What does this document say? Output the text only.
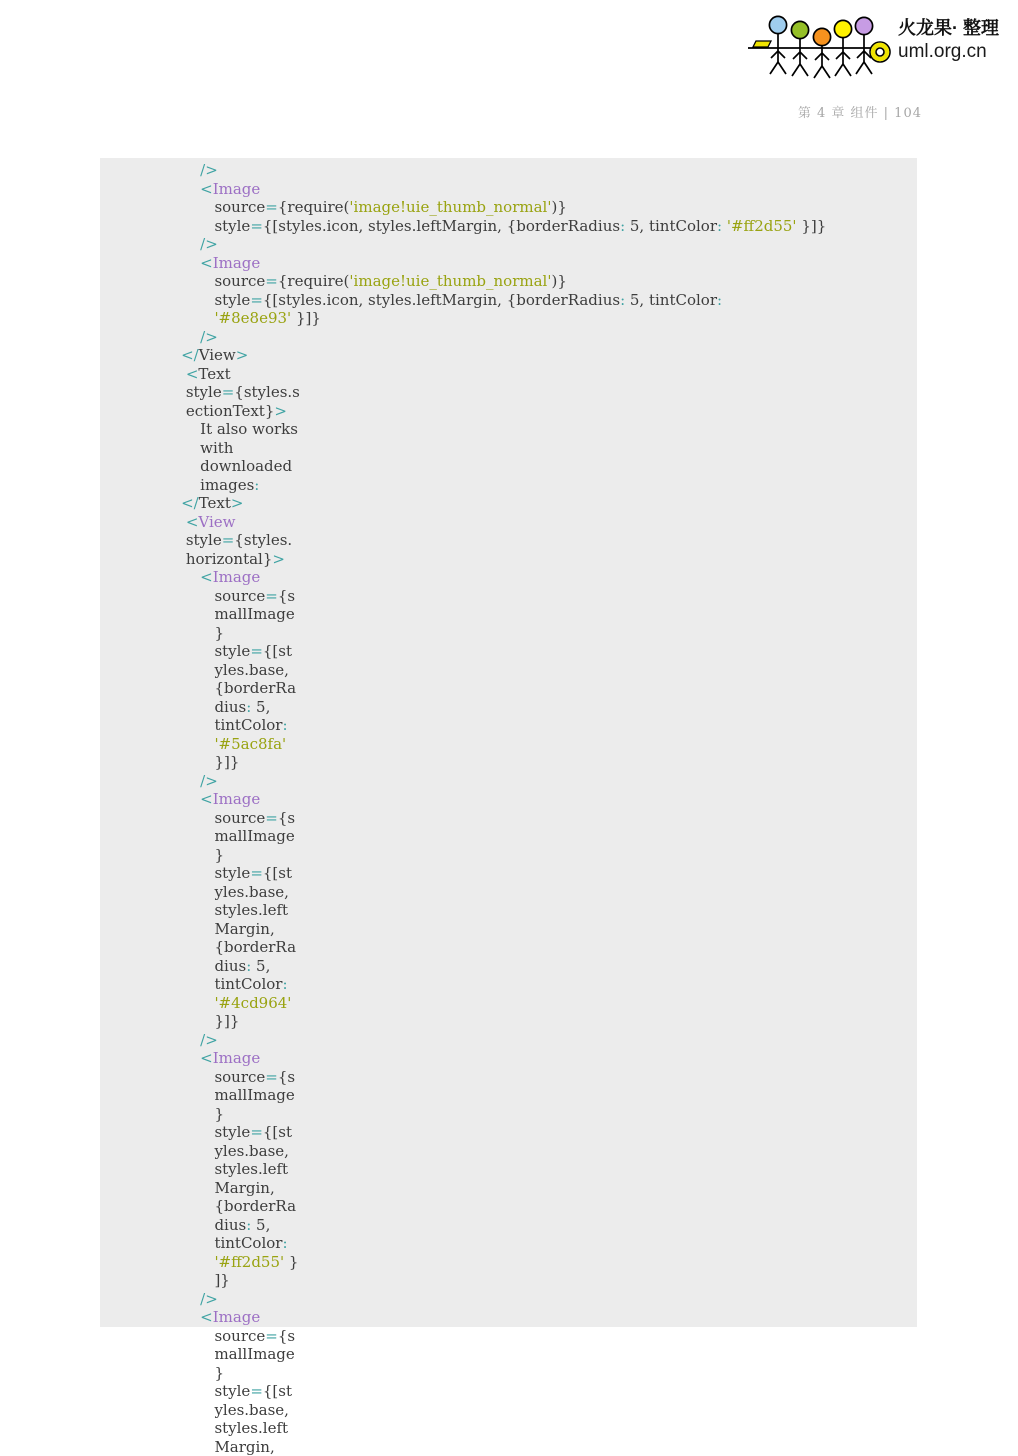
火龙果· 整理
uml.org.cn
第 4 章 组件 | 104
/>
<Image
source={require('image!uie_thumb_normal')}
style={[styles.icon, styles.leftMargin, {borderRadius: 5, tintColor: '#ff2d55' }]}
/>
<Image
source={require('image!uie_thumb_normal')}
style={[styles.icon, styles.leftMargin, {borderRadius: 5, tintColor:
'#8e8e93' }]}
/>
</View>
<Text
style={styles.s
ectionText}>
It also works
with
downloaded
images:
</Text>
<View
style={styles.
horizontal}>
<Image
source={s
mallImage
}
style={[st
yles.base,
{borderRa
dius: 5,
tintColor:
'#5ac8fa'
}]}
/>
<Image
source={s
mallImage
}
style={[st
yles.base,
styles.left
Margin,
{borderRa
dius: 5,
tintColor:
'#4cd964'
}]}
/>
<Image
source={s
mallImage
}
style={[st
yles.base,
styles.left
Margin,
{borderRa
dius: 5,
tintColor:
'#ff2d55' }
]}
/>
<Image
source={s
mallImage
}
style={[st
yles.base,
styles.left
Margin,
